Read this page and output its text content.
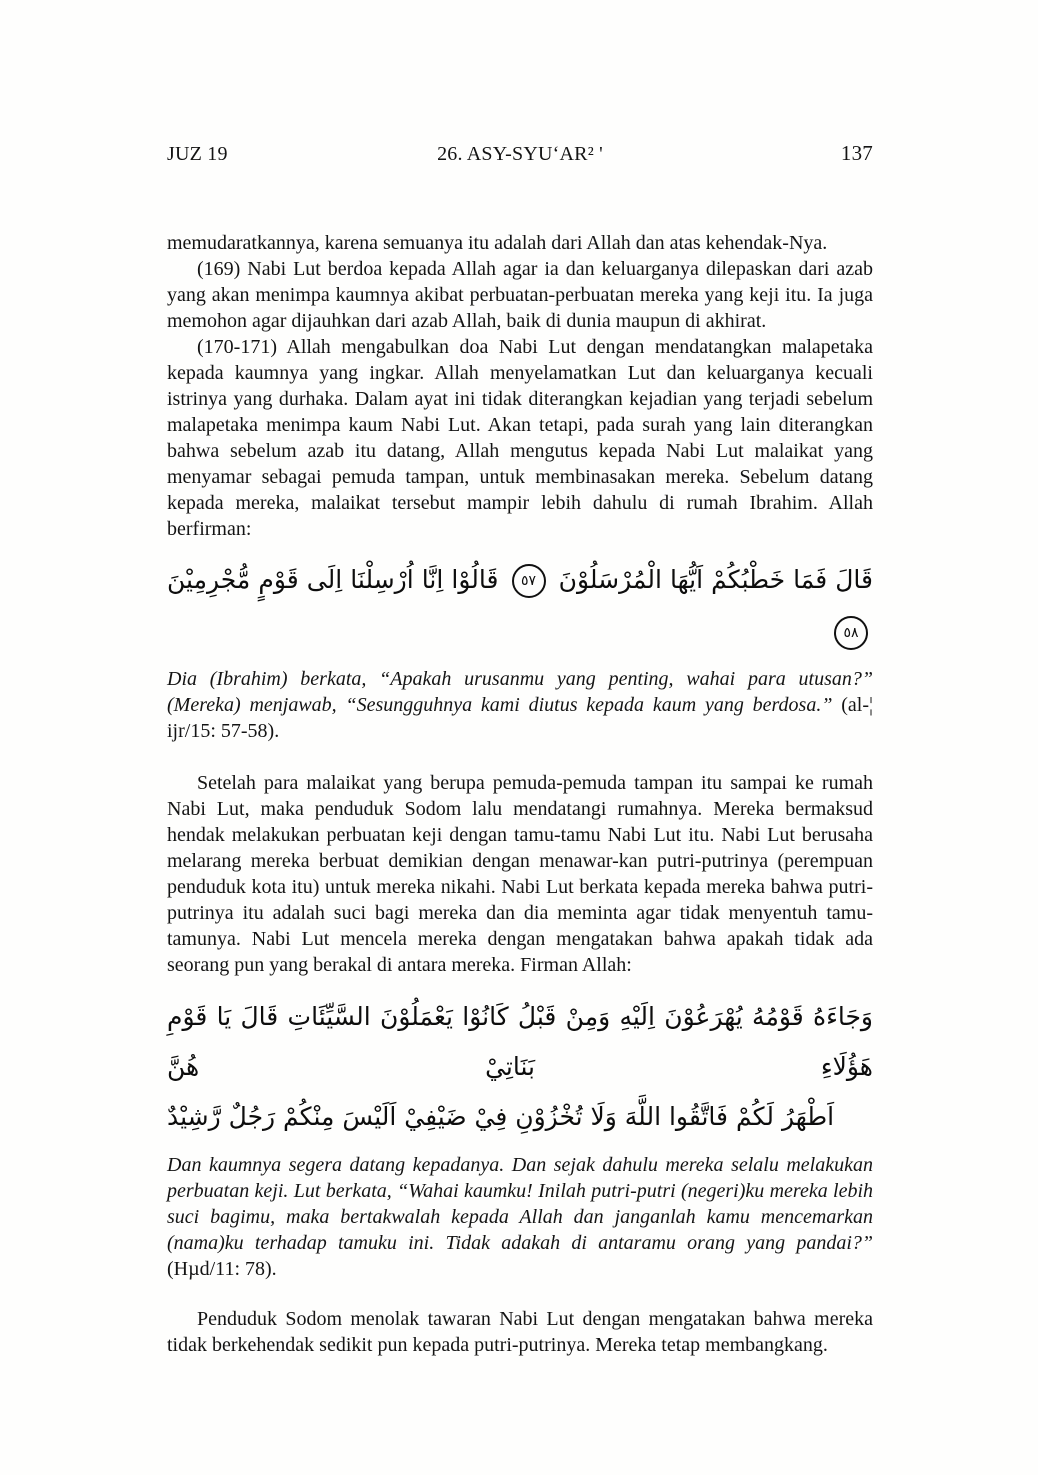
JUZ 19	26. ASY-SYU‘AR² '	137

memudaratkannya, karena semuanya itu adalah dari Allah dan atas kehendak-Nya.

(169) Nabi Lut berdoa kepada Allah agar ia dan keluarganya dilepaskan dari azab yang akan menimpa kaumnya akibat perbuatan-perbuatan mereka yang keji itu. Ia juga memohon agar dijauhkan dari azab Allah, baik di dunia maupun di akhirat.

(170-171) Allah mengabulkan doa Nabi Lut dengan mendatangkan malapetaka kepada kaumnya yang ingkar. Allah menyelamatkan Lut dan keluarganya kecuali istrinya yang durhaka. Dalam ayat ini tidak diterangkan kejadian yang terjadi sebelum malapetaka menimpa kaum Nabi Lut. Akan tetapi, pada surah yang lain diterangkan bahwa sebelum azab itu datang, Allah mengutus kepada Nabi Lut malaikat yang menyamar sebagai pemuda tampan, untuk membinasakan mereka. Sebelum datang kepada mereka, malaikat tersebut mampir lebih dahulu di rumah Ibrahim. Allah berfirman:

قَالَ فَمَا خَطْبُكُمْ اَيُّهَا الْمُرْسَلُوْنَ ٥٧ قَالُوْا اِنَّا اُرْسِلْنَا اِلَى قَوْمٍ مُّجْرِمِيْنَ ٥٨

Dia (Ibrahim) berkata, “Apakah urusanmu yang penting, wahai para utusan?” (Mereka) menjawab, “Sesungguhnya kami diutus kepada kaum yang berdosa.” (al-¦ ijr/15: 57-58).

Setelah para malaikat yang berupa pemuda-pemuda tampan itu sampai ke rumah Nabi Lut, maka penduduk Sodom lalu mendatangi rumahnya. Mereka bermaksud hendak melakukan perbuatan keji dengan tamu-tamu Nabi Lut itu. Nabi Lut berusaha melarang mereka berbuat demikian dengan menawar-kan putri-putrinya (perempuan penduduk kota itu) untuk mereka nikahi. Nabi Lut berkata kepada mereka bahwa putri-putrinya itu adalah suci bagi mereka dan dia meminta agar tidak menyentuh tamu-tamunya. Nabi Lut mencela mereka dengan mengatakan bahwa apakah tidak ada seorang pun yang berakal di antara mereka. Firman Allah:

وَجَاءَهُ قَوْمُهُ يُهْرَعُوْنَ اِلَيْهِ وَمِنْ قَبْلُ كَانُوْا يَعْمَلُوْنَ السَّيِّئَاتِ قَالَ يَا قَوْمِ هَؤُلَاءِ بَنَاتِيْ هُنَّ
اَطْهَرُ لَكُمْ فَاتَّقُوا اللَّهَ وَلَا تُخْزُوْنِ فِيْ ضَيْفِيْ اَلَيْسَ مِنْكُمْ رَجُلٌ رَّشِيْدٌ

Dan kaumnya segera datang kepadanya. Dan sejak dahulu mereka selalu melakukan perbuatan keji. Lut berkata, “Wahai kaumku! Inilah putri-putri (negeri)ku mereka lebih suci bagimu, maka bertakwalah kepada Allah dan janganlah kamu mencemarkan (nama)ku terhadap tamuku ini. Tidak adakah di antaramu orang yang pandai?” (Hµd/11: 78).

Penduduk Sodom menolak tawaran Nabi Lut dengan mengatakan bahwa mereka tidak berkehendak sedikit pun kepada putri-putrinya. Mereka tetap membangkang.
